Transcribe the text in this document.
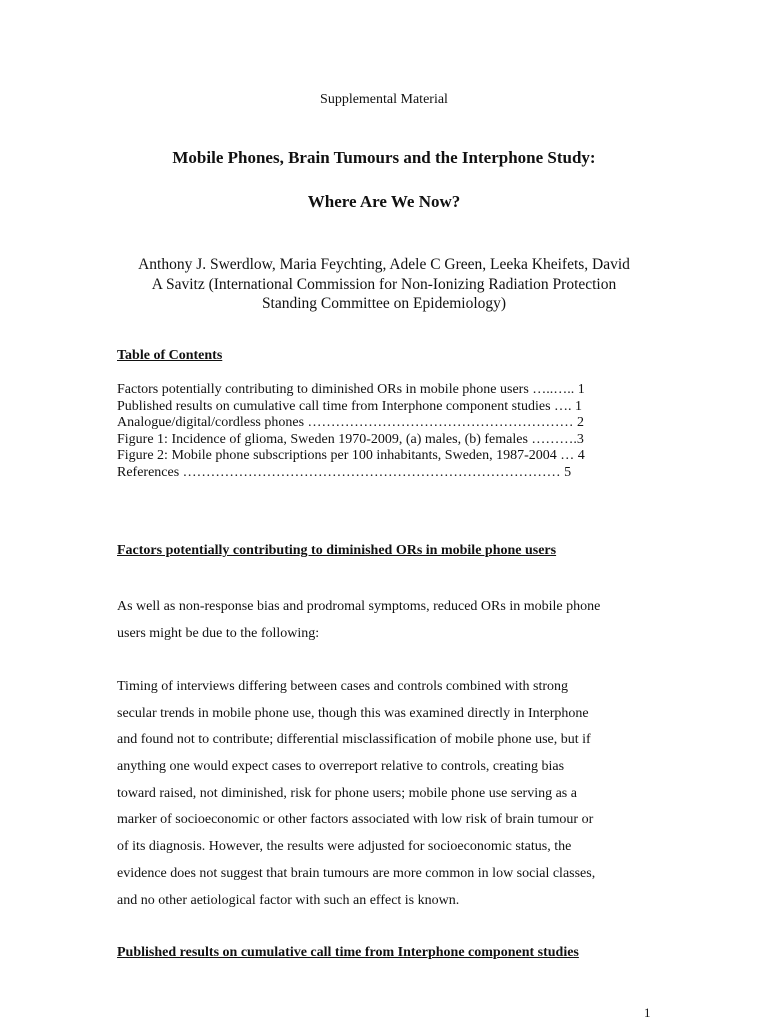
Supplemental Material
Mobile Phones, Brain Tumours and the Interphone Study:
Where Are We Now?
Anthony J. Swerdlow, Maria Feychting, Adele C Green, Leeka Kheifets, David
A Savitz (International Commission for Non-Ionizing Radiation Protection
Standing Committee on Epidemiology)
Table of Contents
Factors potentially contributing to diminished ORs in mobile phone users …..….. 1
Published results on cumulative call time from Interphone component studies …. 1
Analogue/digital/cordless phones ………………………………………………… 2
Figure 1: Incidence of glioma, Sweden 1970-2009, (a) males, (b) females ……….3
Figure 2: Mobile phone subscriptions per 100 inhabitants, Sweden, 1987-2004 … 4
References ……………………………………………………………………… 5
Factors potentially contributing to diminished ORs in mobile phone users
As well as non-response bias and prodromal symptoms, reduced ORs in mobile phone
users might be due to the following:
Timing of interviews differing between cases and controls combined with strong
secular trends in mobile phone use, though this was examined directly in Interphone
and found not to contribute; differential misclassification of mobile phone use, but if
anything one would expect cases to overreport relative to controls, creating bias
toward raised, not diminished, risk for phone users; mobile phone use serving as a
marker of socioeconomic or other factors associated with low risk of brain tumour or
of its diagnosis. However, the results were adjusted for socioeconomic status, the
evidence does not suggest that brain tumours are more common in low social classes,
and no other aetiological factor with such an effect is known.
Published results on cumulative call time from Interphone component studies
1
